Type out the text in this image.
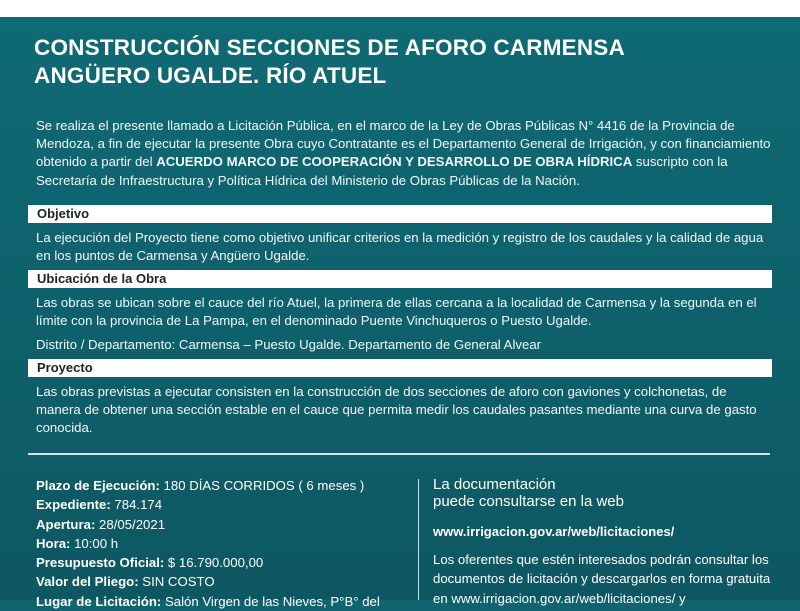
CONSTRUCCIÓN SECCIONES DE AFORO CARMENSA
ANGÜERO UGALDE. RÍO ATUEL
Se realiza el presente llamado a Licitación Pública, en el marco de la Ley de Obras Públicas N° 4416 de la Provincia de Mendoza, a fin de ejecutar la presente Obra cuyo Contratante es el Departamento General de Irrigación, y con financiamiento obtenido a partir del ACUERDO MARCO DE COOPERACIÓN Y DESARROLLO DE OBRA HÍDRICA suscripto con la Secretaría de Infraestructura y Política Hídrica del Ministerio de Obras Públicas de la Nación.
Objetivo
La ejecución del Proyecto tiene como objetivo unificar criterios en la medición y registro de los caudales y la calidad de agua en los puntos de Carmensa y Angüero Ugalde.
Ubicación de la Obra
Las obras se ubican sobre el cauce del río Atuel, la primera de ellas cercana a la localidad de Carmensa y la segunda en el límite con la provincia de La Pampa, en el denominado Puente Vinchuqueros o Puesto Ugalde.
Distrito / Departamento: Carmensa – Puesto Ugalde. Departamento de General Alvear
Proyecto
Las obras previstas a ejecutar consisten en la construcción de dos secciones de aforo con gaviones y colchonetas, de manera de obtener una sección estable en el cauce que permita medir los caudales pasantes mediante una curva de gasto conocida.
Plazo de Ejecución: 180 DÍAS CORRIDOS ( 6 meses )
Expediente: 784.174
Apertura: 28/05/2021
Hora: 10:00 h
Presupuesto Oficial: $ 16.790.000,00
Valor del Pliego: SIN COSTO
Lugar de Licitación: Salón Virgen de las Nieves, P°B° del
La documentación
puede consultarse en la web
www.irrigacion.gov.ar/web/licitaciones/
Los oferentes que estén interesados podrán consultar los documentos de licitación y descargarlos en forma gratuita en www.irrigacion.gov.ar/web/licitaciones/ y
